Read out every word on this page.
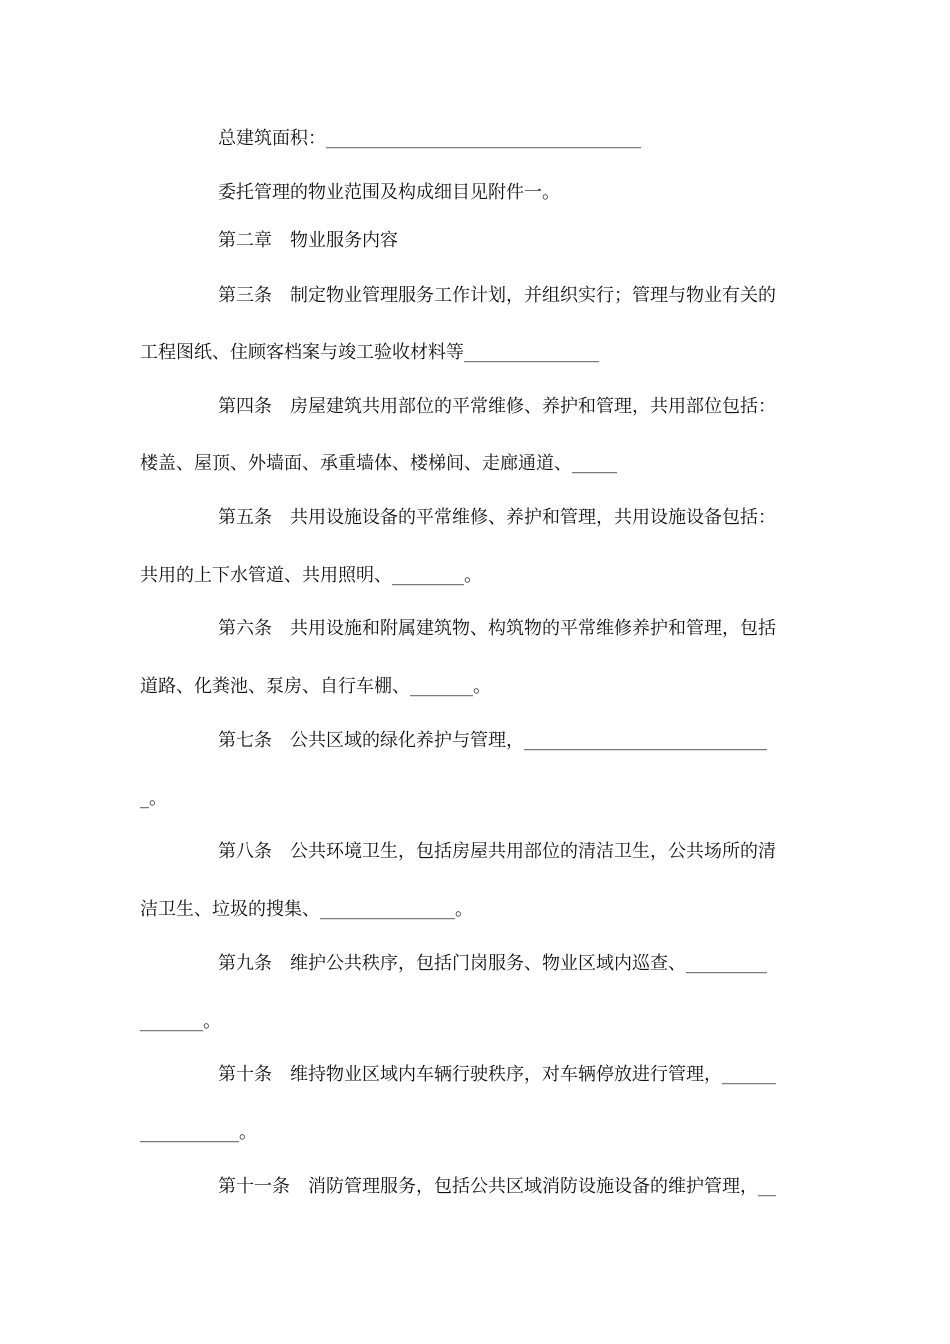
总建筑面积：___________________________________
委托管理的物业范围及构成细目见附件一。
第二章　物业服务内容
第三条　制定物业管理服务工作计划，并组织实行；管理与物业有关的
工程图纸、住顾客档案与竣工验收材料等_______________
第四条　房屋建筑共用部位的平常维修、养护和管理，共用部位包括：
楼盖、屋顶、外墙面、承重墙体、楼梯间、走廊通道、_____
第五条　共用设施设备的平常维修、养护和管理，共用设施设备包括：
共用的上下水管道、共用照明、________。
第六条　共用设施和附属建筑物、构筑物的平常维修养护和管理，包括
道路、化粪池、泵房、自行车棚、_______。
第七条　公共区域的绿化养护与管理，___________________________
_。
第八条　公共环境卫生，包括房屋共用部位的清洁卫生，公共场所的清
洁卫生、垃圾的搜集、_______________。
第九条　维护公共秩序，包括门岗服务、物业区域内巡查、_________
_______。
第十条　维持物业区域内车辆行驶秩序，对车辆停放进行管理，______
___________。
第十一条　消防管理服务，包括公共区域消防设施设备的维护管理，__
